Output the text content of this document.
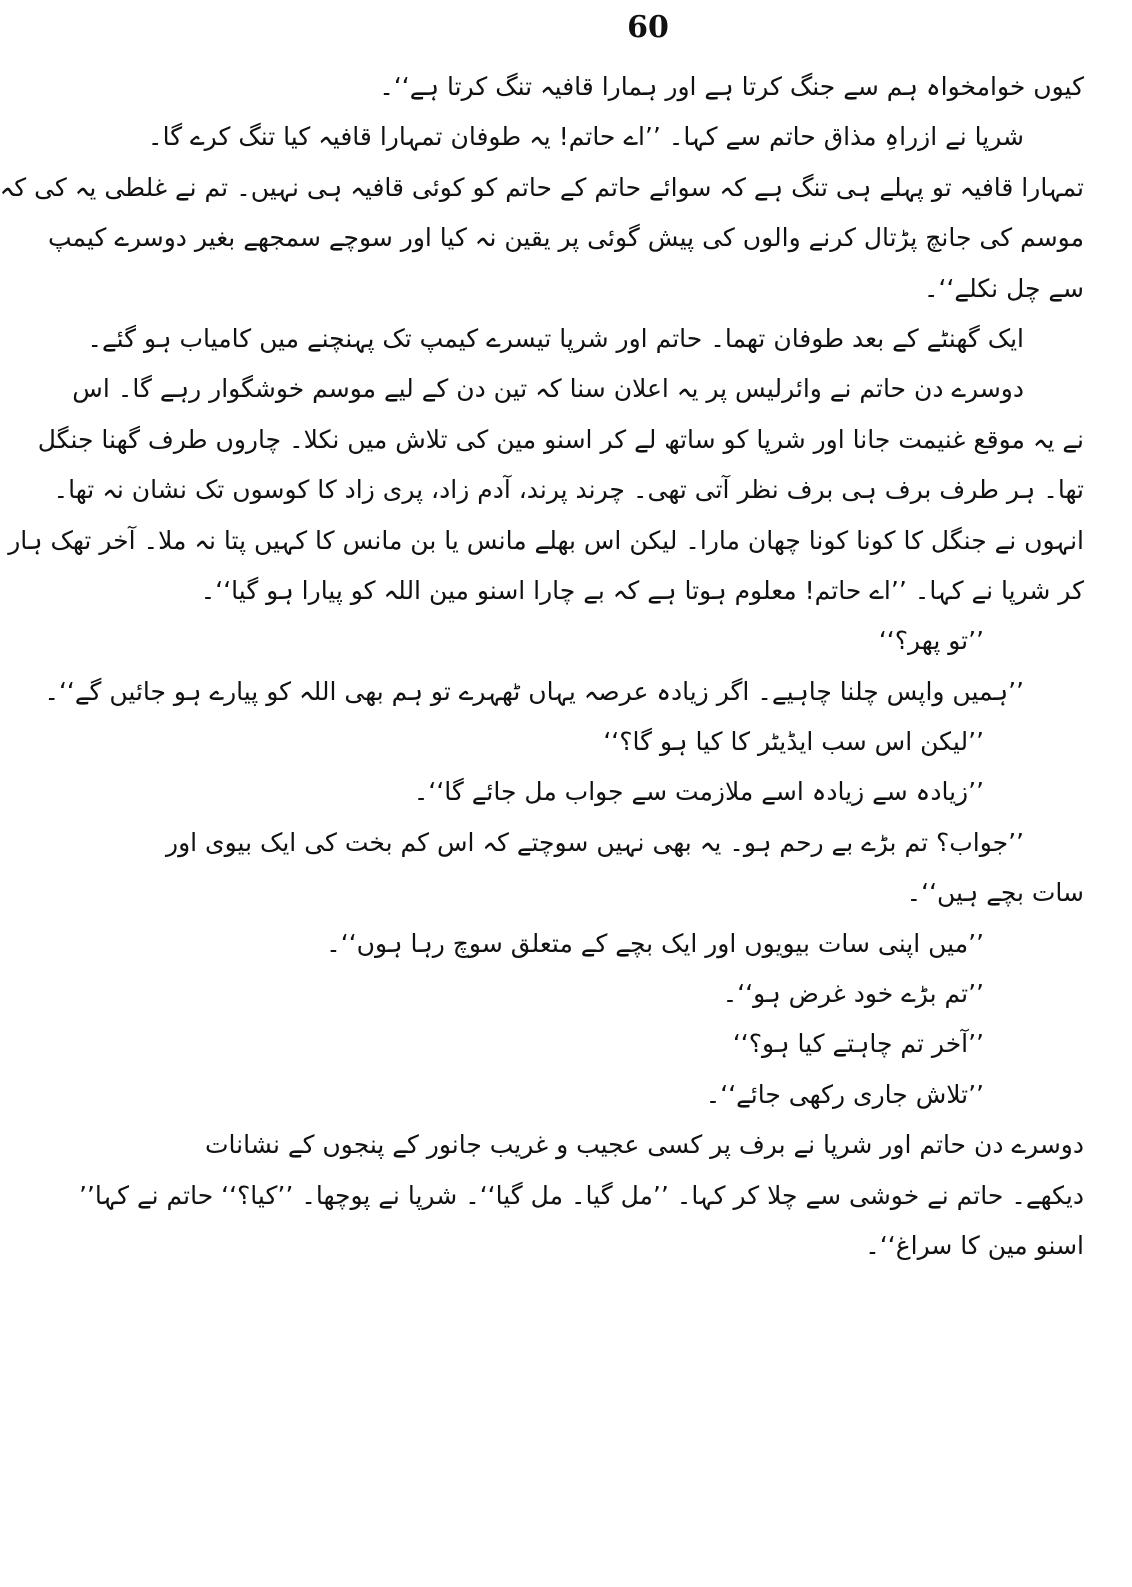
60
کیوں خوامخواہ ہم سے جنگ کرتا ہے اور ہمارا قافیہ تنگ کرتا ہے‘‘۔
شرپا نے ازراہِ مذاق حاتم سے کہا۔ ’’اے حاتم! یہ طوفان تمہارا قافیہ کیا تنگ کرے گا۔
تمہارا قافیہ تو پہلے ہی تنگ ہے کہ سوائے حاتم کے حاتم کو کوئی قافیہ ہی نہیں۔ تم نے غلطی یہ کی کہ
موسم کی جانچ پڑتال کرنے والوں کی پیش گوئی پر یقین نہ کیا اور سوچے سمجھے بغیر دوسرے کیمپ
سے چل نکلے‘‘۔
ایک گھنٹے کے بعد طوفان تھما۔ حاتم اور شرپا تیسرے کیمپ تک پہنچنے میں کامیاب ہو گئے۔
دوسرے دن حاتم نے وائرلیس پر یہ اعلان سنا کہ تین دن کے لیے موسم خوشگوار رہے گا۔ اس
نے یہ موقع غنیمت جانا اور شرپا کو ساتھ لے کر اسنو مین کی تلاش میں نکلا۔ چاروں طرف گھنا جنگل
تھا۔ ہر طرف برف ہی برف نظر آتی تھی۔ چرند پرند، آدم زاد، پری زاد کا کوسوں تک نشان نہ تھا۔
انہوں نے جنگل کا کونا کونا چھان مارا۔ لیکن اس بھلے مانس یا بن مانس کا کہیں پتا نہ ملا۔ آخر تھک ہار
کر شرپا نے کہا۔ ’’اے حاتم! معلوم ہوتا ہے کہ بے چارا اسنو مین اللہ کو پیارا ہو گیا‘‘۔
’’تو پھر؟‘‘
’’ہمیں واپس چلنا چاہیے۔ اگر زیادہ عرصہ یہاں ٹھہرے تو ہم بھی اللہ کو پیارے ہو جائیں گے‘‘۔
’’لیکن اس سب ایڈیٹر کا کیا ہو گا؟‘‘
’’زیادہ سے زیادہ اسے ملازمت سے جواب مل جائے گا‘‘۔
’’جواب؟ تم بڑے بے رحم ہو۔ یہ بھی نہیں سوچتے کہ اس کم بخت کی ایک بیوی اور
سات بچے ہیں‘‘۔
’’میں اپنی سات بیویوں اور ایک بچے کے متعلق سوچ رہا ہوں‘‘۔
’’تم بڑے خود غرض ہو‘‘۔
’’آخر تم چاہتے کیا ہو؟‘‘
’’تلاش جاری رکھی جائے‘‘۔
دوسرے دن حاتم اور شرپا نے برف پر کسی عجیب و غریب جانور کے پنجوں کے نشانات
دیکھے۔ حاتم نے خوشی سے چلا کر کہا۔ ’’مل گیا۔ مل گیا‘‘۔ شرپا نے پوچھا۔ ’’کیا؟‘‘ حاتم نے کہا’’
اسنو مین کا سراغ‘‘۔
